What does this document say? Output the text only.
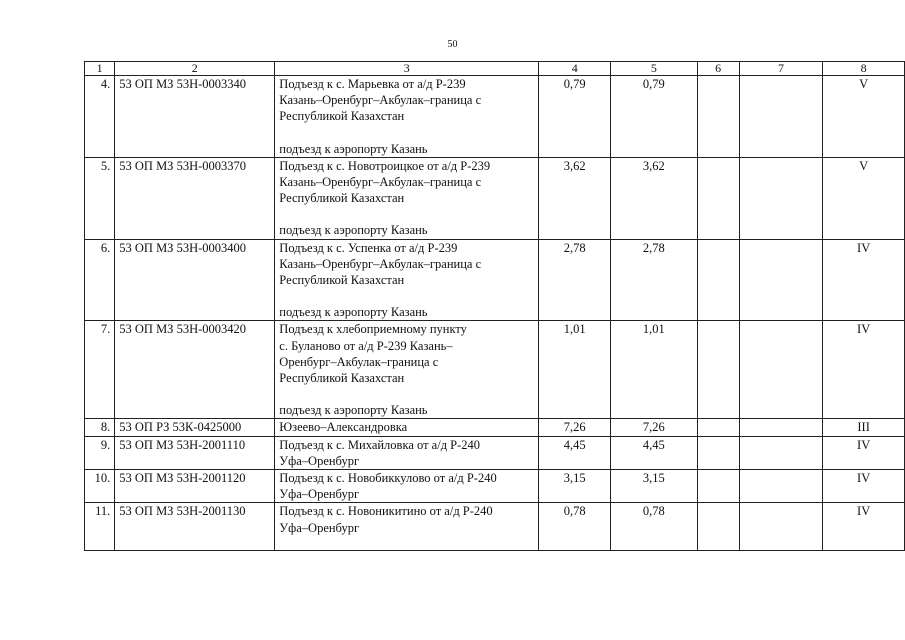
50
1	2	3	4	5	6	7	8
4.	53 ОП МЗ 53Н-0003340	Подъезд к с. Марьевка от а/д Р-239
Казань–Оренбург–Акбулак–граница с
Республикой Казахстан
подъезд к аэропорту Казань	0,79	0,79			V
5.	53 ОП МЗ 53Н-0003370	Подъезд к с. Новотроицкое от а/д Р-239
Казань–Оренбург–Акбулак–граница с
Республикой Казахстан
подъезд к аэропорту Казань	3,62	3,62			V
6.	53 ОП МЗ 53Н-0003400	Подъезд к с. Успенка от а/д Р-239
Казань–Оренбург–Акбулак–граница с
Республикой Казахстан
подъезд к аэропорту Казань	2,78	2,78			IV
7.	53 ОП МЗ 53Н-0003420	Подъезд к хлебоприемному пункту
с. Буланово от а/д Р-239 Казань–
Оренбург–Акбулак–граница с
Республикой Казахстан
подъезд к аэропорту Казань	1,01	1,01			IV
8.	53 ОП РЗ 53К-0425000	Юзеево–Александровка	7,26	7,26			III
9.	53 ОП МЗ 53Н-2001110	Подъезд к с. Михайловка от а/д Р-240
Уфа–Оренбург	4,45	4,45			IV
10.	53 ОП МЗ 53Н-2001120	Подъезд к с. Новобиккулово от а/д Р-240
Уфа–Оренбург	3,15	3,15			IV
11.	53 ОП МЗ 53Н-2001130	Подъезд к с. Новоникитино от а/д Р-240
Уфа–Оренбург	0,78	0,78			IV
